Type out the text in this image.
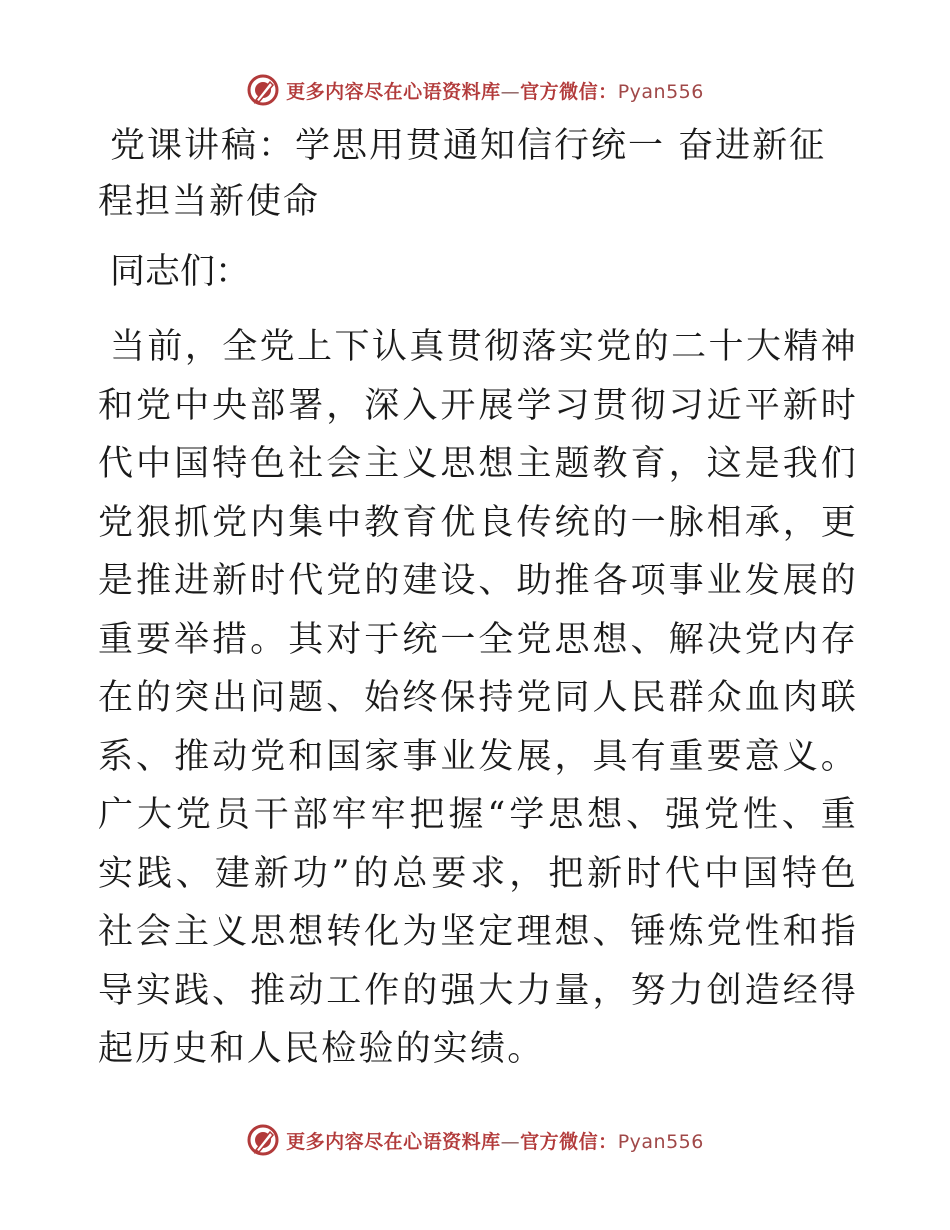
更多内容尽在心语资料库—官方微信：Pyan556
党课讲稿：学思用贯通知信行统一 奋进新征程担当新使命

同志们：

当前，全党上下认真贯彻落实党的二十大精神和党中央部署，深入开展学习贯彻习近平新时代中国特色社会主义思想主题教育，这是我们党狠抓党内集中教育优良传统的一脉相承，更是推进新时代党的建设、助推各项事业发展的重要举措。其对于统一全党思想、解决党内存在的突出问题、始终保持党同人民群众血肉联系、推动党和国家事业发展，具有重要意义。广大党员干部牢牢把握“学思想、强党性、重实践、建新功”的总要求，把新时代中国特色社会主义思想转化为坚定理想、锤炼党性和指导实践、推动工作的强大力量，努力创造经得起历史和人民检验的实绩。

更多内容尽在心语资料库—官方微信：Pyan556
